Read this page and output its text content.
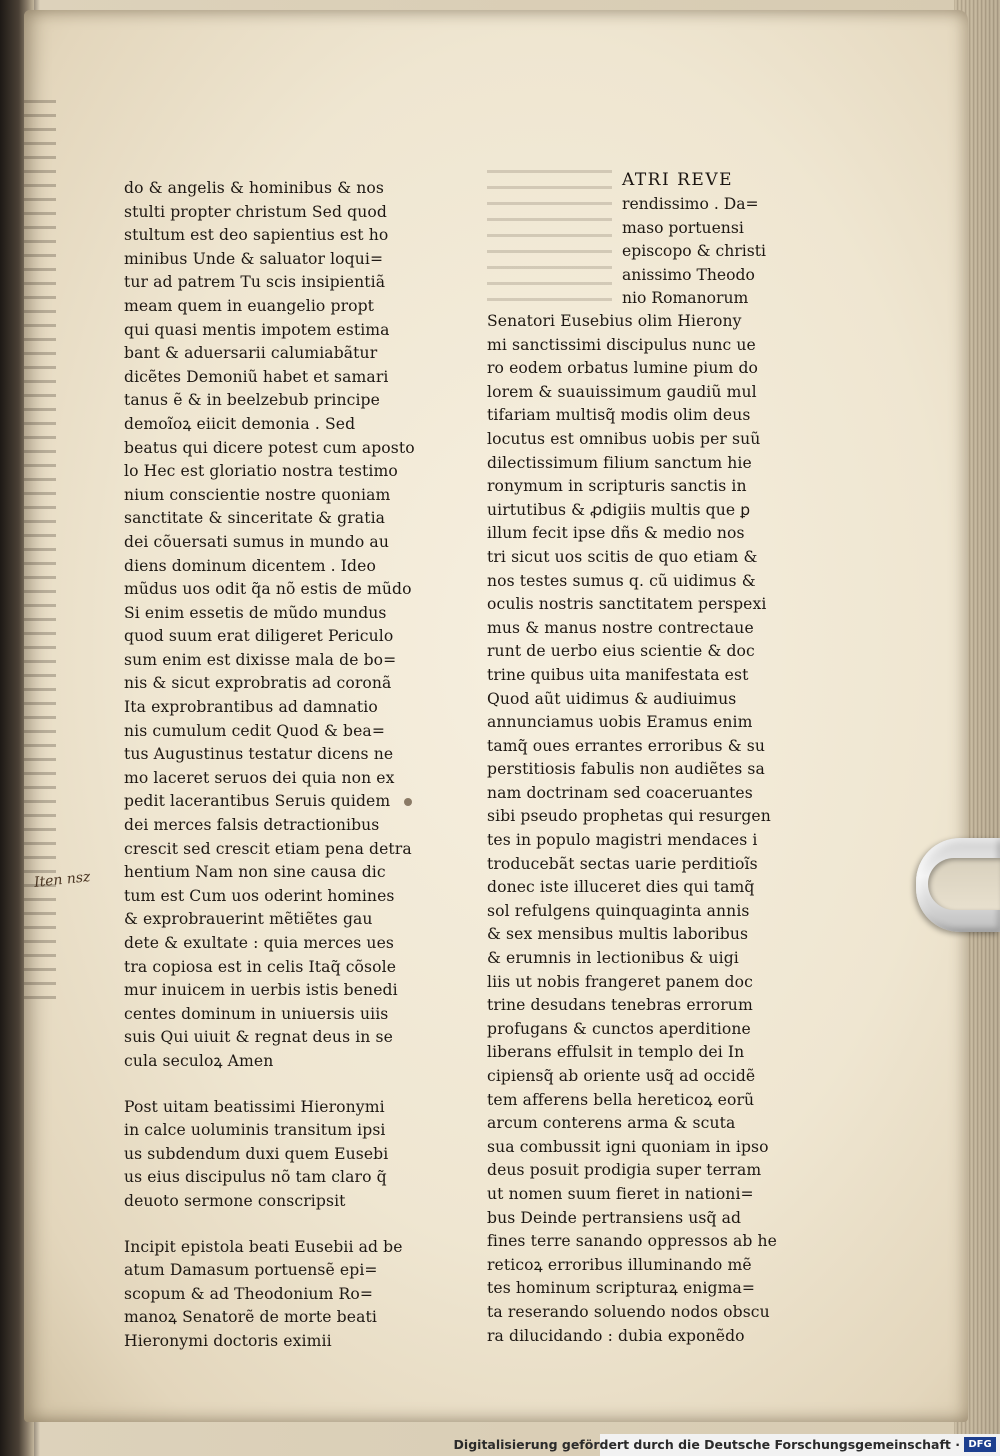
do & angelis & hominibus & nos
stulti propter christum Sed quod
stultum est deo sapientius est ho
minibus Unde & saluator loqui=
tur ad patrem Tu scis insipientiã
meam quem in euangelio propt
qui quasi mentis impotem estima
bant & aduersarii calumiabãtur
dicẽtes Demoniũ habet et samari
tanus ẽ & in beelzebub principe
demoĩoꝝ eiicit demonia . Sed
beatus qui dicere potest cum aposto
lo Hec est gloriatio nostra testimo
nium conscientie nostre quoniam
sanctitate & sinceritate & gratia
dei cõuersati sumus in mundo au
diens dominum dicentem . Ideo
mũdus uos odit q̃a nõ estis de mũdo
Si enim essetis de mũdo mundus
quod suum erat diligeret Periculo
sum enim est dixisse mala de bo=
nis & sicut exprobratis ad coronã
Ita exprobrantibus ad damnatio
nis cumulum cedit Quod & bea=
tus Augustinus testatur dicens ne
mo laceret seruos dei quia non ex
pedit lacerantibus Seruis quidem
dei merces falsis detractionibus
crescit sed crescit etiam pena detra
hentium Nam non sine causa dic
tum est Cum uos oderint homines
& exprobrauerint mẽtiẽtes gau
dete & exultate : quia merces ues
tra copiosa est in celis Itaq̃ cõsole
mur inuicem in uerbis istis benedi
centes dominum in uniuersis uiis
suis Qui uiuit & regnat deus in se
cula seculoꝝ Amen
Post uitam beatissimi Hieronymi
in calce uoluminis transitum ipsi
us subdendum duxi quem Eusebi
us eius discipulus nõ tam claro q̃
deuoto sermone conscripsit
Incipit epistola beati Eusebii ad be
atum Damasum portuensẽ epi=
scopum & ad Theodonium Ro=
manoꝝ Senatorẽ de morte beati
Hieronymi doctoris eximii
ATRI REVE
rendissimo . Da=
maso portuensi
episcopo & christi
anissimo Theodo
nio Romanorum
Senatori Eusebius olim Hierony
mi sanctissimi discipulus nunc ue
ro eodem orbatus lumine pium do
lorem & suauissimum gaudiũ mul
tifariam multisq̃ modis olim deus
locutus est omnibus uobis per suũ
dilectissimum filium sanctum hie
ronymum in scripturis sanctis in
uirtutibus & ꝓdigiis multis que ꝑ
illum fecit ipse dñs & medio nos
tri sicut uos scitis de quo etiam &
nos testes sumus q. cũ uidimus &
oculis nostris sanctitatem perspexi
mus & manus nostre contrectaue
runt de uerbo eius scientie & doc
trine quibus uita manifestata est
Quod aũt uidimus & audiuimus
annunciamus uobis Eramus enim
tamq̃ oues errantes erroribus & su
perstitiosis fabulis non audiẽtes sa
nam doctrinam sed coaceruantes
sibi pseudo prophetas qui resurgen
tes in populo magistri mendaces i
troducebãt sectas uarie perditioĩs
donec iste illuceret dies qui tamq̃
sol refulgens quinquaginta annis
& sex mensibus multis laboribus
& erumnis in lectionibus & uigi
liis ut nobis frangeret panem doc
trine desudans tenebras errorum
profugans & cunctos aperditione
liberans effulsit in templo dei In
cipiensq̃ ab oriente usq̃ ad occidẽ
tem afferens bella hereticoꝝ eorũ
arcum conterens arma & scuta
sua combussit igni quoniam in ipso
deus posuit prodigia super terram
ut nomen suum fieret in nationi=
bus Deinde pertransiens usq̃ ad
fines terre sanando oppressos ab he
reticoꝝ erroribus illuminando mẽ
tes hominum scripturaꝝ enigma=
ta reserando soluendo nodos obscu
ra dilucidando : dubia exponẽdo
Iten nsz
Digitalisierung gefördert durch die Deutsche Forschungsgemeinschaft · DFG
